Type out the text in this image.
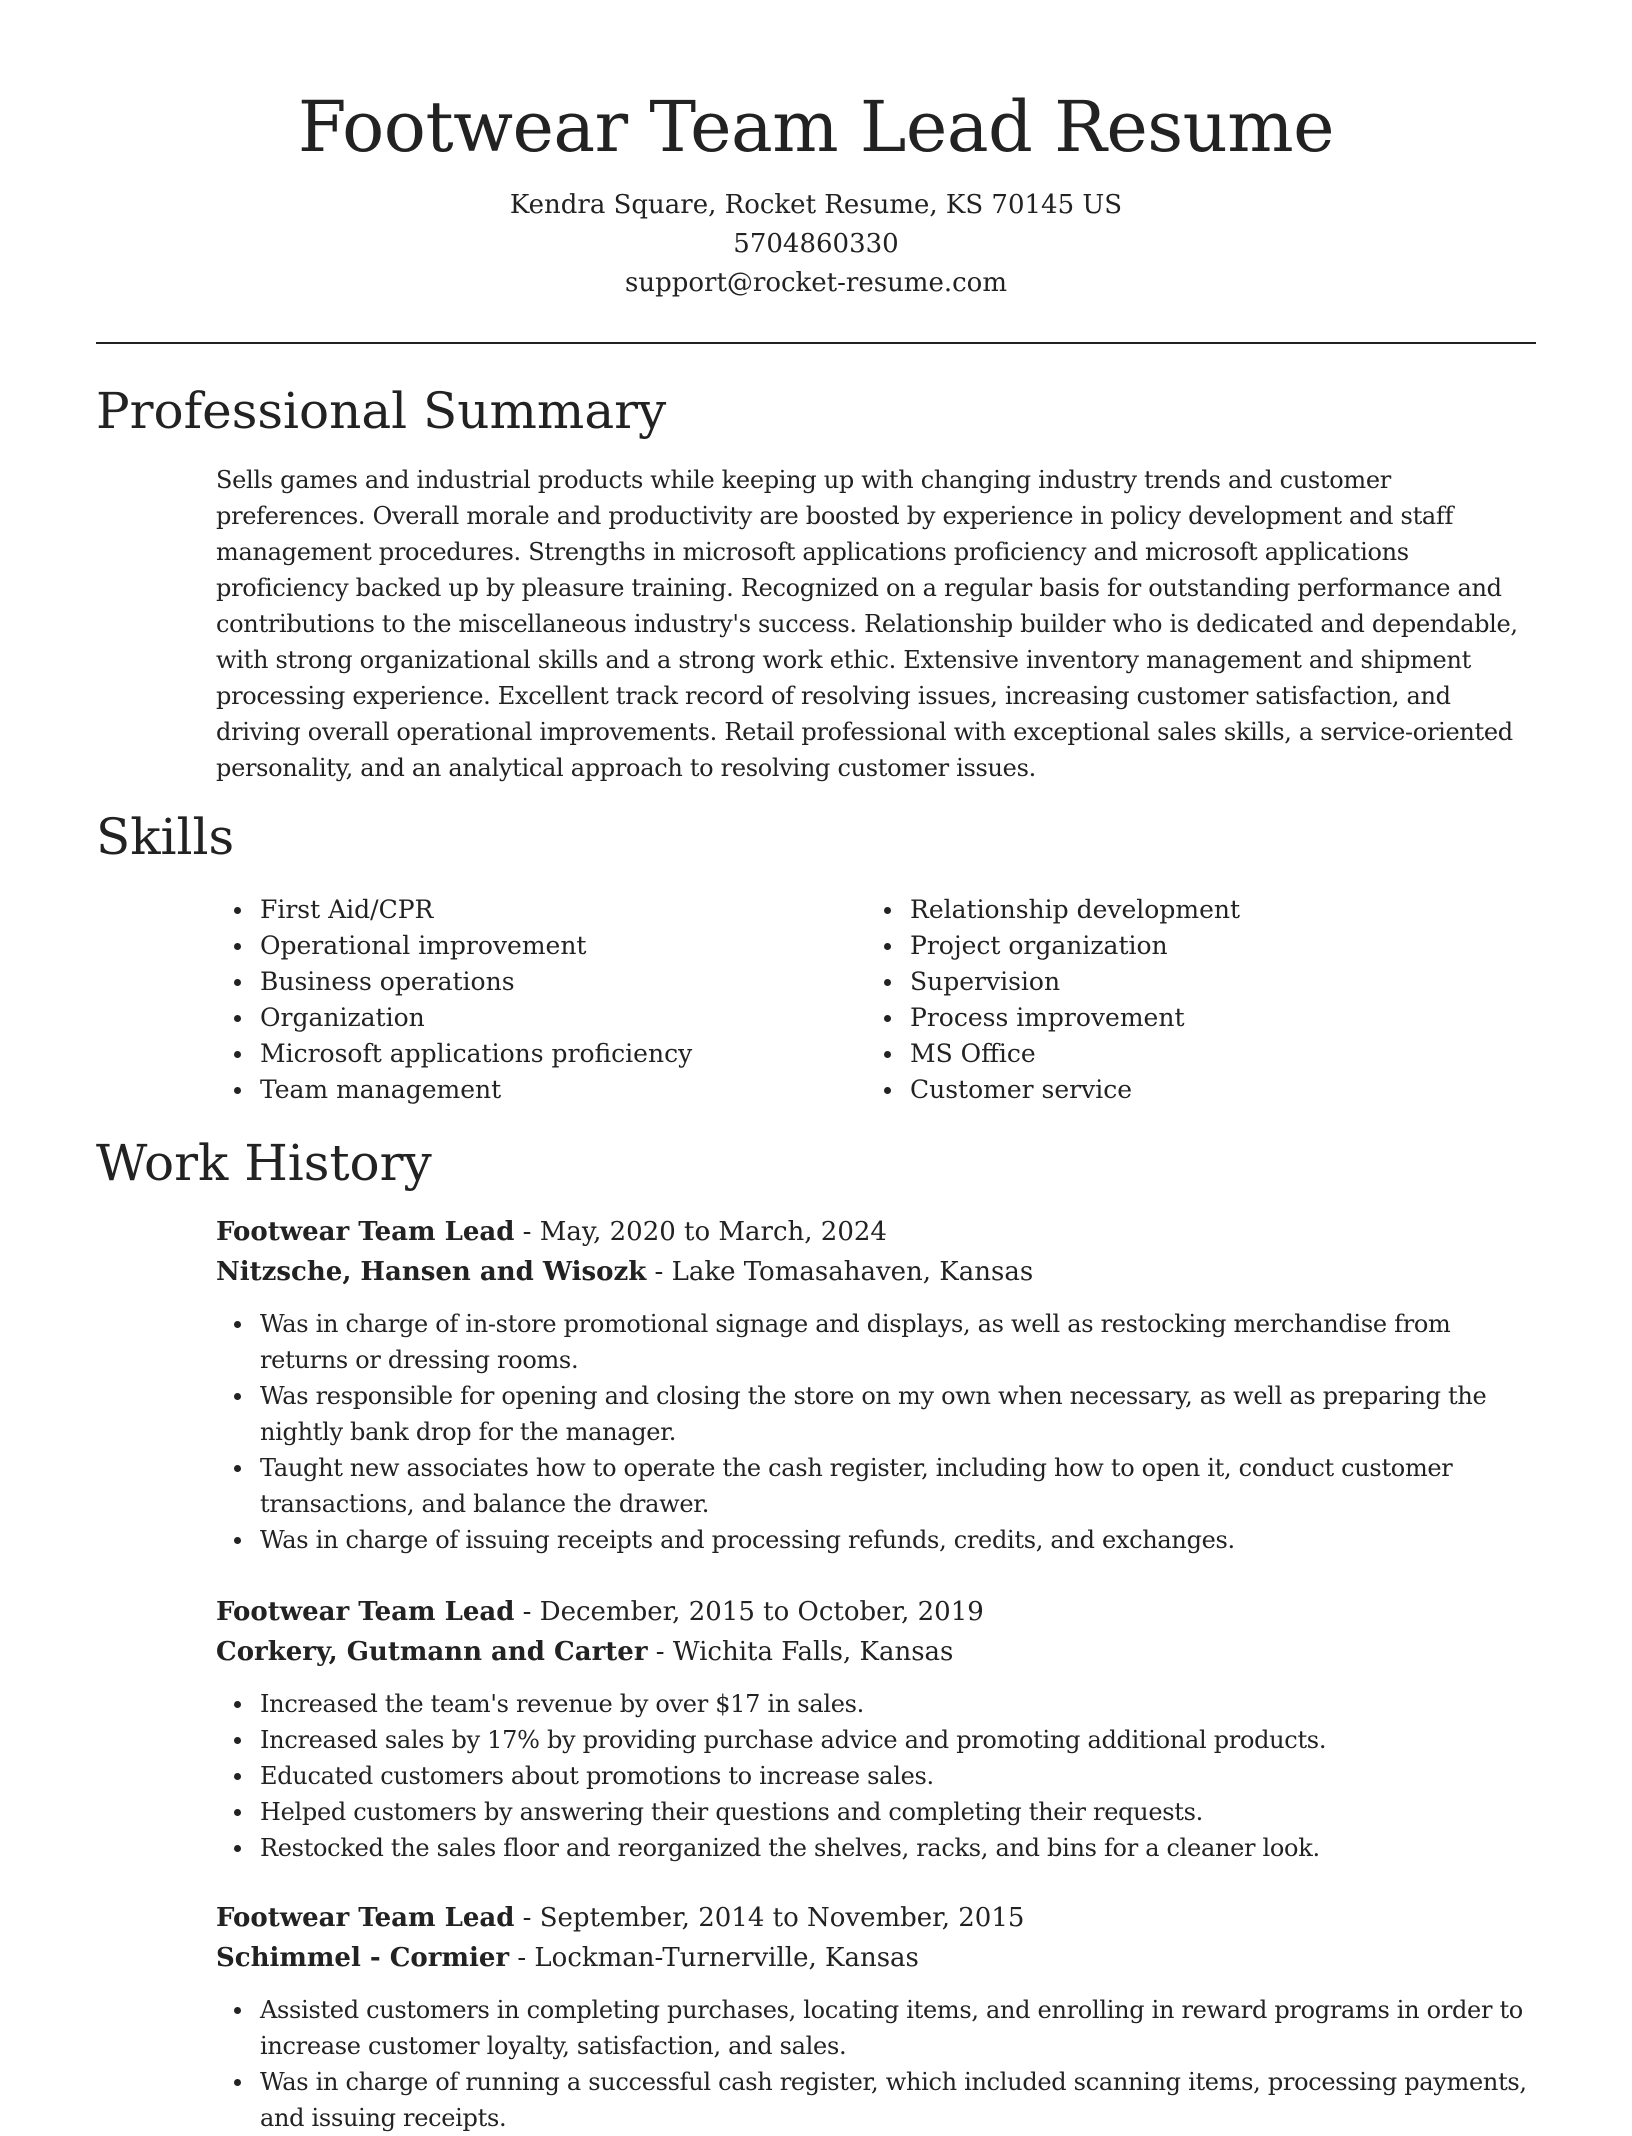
Footwear Team Lead Resume
Kendra Square, Rocket Resume, KS 70145 US
5704860330
support@rocket-resume.com
Professional Summary

Sells games and industrial products while keeping up with changing industry trends and customer preferences. Overall morale and productivity are boosted by experience in policy development and staff management procedures. Strengths in microsoft applications proficiency and microsoft applications proficiency backed up by pleasure training. Recognized on a regular basis for outstanding performance and contributions to the miscellaneous industry's success. Relationship builder who is dedicated and dependable, with strong organizational skills and a strong work ethic. Extensive inventory management and shipment processing experience. Excellent track record of resolving issues, increasing customer satisfaction, and driving overall operational improvements. Retail professional with exceptional sales skills, a service-oriented personality, and an analytical approach to resolving customer issues.

Skills
First Aid/CPR
Operational improvement
Business operations
Organization
Microsoft applications proficiency
Team management
Relationship development
Project organization
Supervision
Process improvement
MS Office
Customer service
Work History
Footwear Team Lead - May, 2020 to March, 2024
Nitzsche, Hansen and Wisozk - Lake Tomasahaven, Kansas
Was in charge of in-store promotional signage and displays, as well as restocking merchandise from returns or dressing rooms.
Was responsible for opening and closing the store on my own when necessary, as well as preparing the nightly bank drop for the manager.
Taught new associates how to operate the cash register, including how to open it, conduct customer transactions, and balance the drawer.
Was in charge of issuing receipts and processing refunds, credits, and exchanges.
Footwear Team Lead - December, 2015 to October, 2019
Corkery, Gutmann and Carter - Wichita Falls, Kansas
Increased the team's revenue by over $17 in sales.
Increased sales by 17% by providing purchase advice and promoting additional products.
Educated customers about promotions to increase sales.
Helped customers by answering their questions and completing their requests.
Restocked the sales floor and reorganized the shelves, racks, and bins for a cleaner look.
Footwear Team Lead - September, 2014 to November, 2015
Schimmel - Cormier - Lockman-Turnerville, Kansas
Assisted customers in completing purchases, locating items, and enrolling in reward programs in order to increase customer loyalty, satisfaction, and sales.
Was in charge of running a successful cash register, which included scanning items, processing payments, and issuing receipts.
